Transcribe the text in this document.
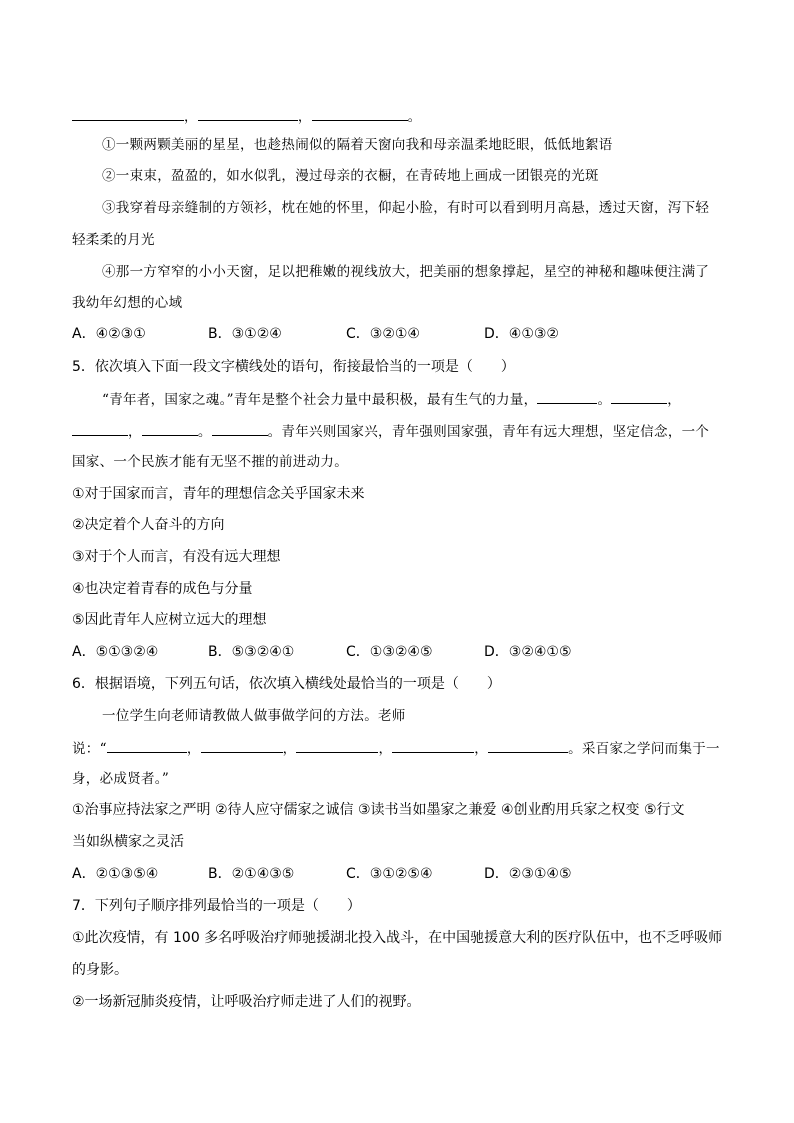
，	，	。
①一颗两颗美丽的星星，也趁热闹似的隔着天窗向我和母亲温柔地眨眼，低低地絮语
②一束束，盈盈的，如水似乳，漫过母亲的衣橱，在青砖地上画成一团银亮的光斑
③我穿着母亲缝制的方领衫，枕在她的怀里，仰起小脸，有时可以看到明月高悬，透过天窗，泻下轻
轻柔柔的月光
④那一方窄窄的小小天窗，足以把稚嫩的视线放大，把美丽的想象撑起，星空的神秘和趣味便注满了
我幼年幻想的心域
A．④②③①	B．③①②④	C．③②①④	D．④①③②
5．依次填入下面一段文字横线处的语句，衔接最恰当的一项是（　　）
“青年者，国家之魂。”青年是整个社会力量中最积极，最有生气的力量，	。	，
，	。	。青年兴则国家兴，青年强则国家强，青年有远大理想，坚定信念，一个
国家、一个民族才能有无坚不摧的前进动力。
①对于国家而言，青年的理想信念关乎国家未来
②决定着个人奋斗的方向
③对于个人而言，有没有远大理想
④也决定着青春的成色与分量
⑤因此青年人应树立远大的理想
A．⑤①③②④	B．⑤③②④①	C．①③②④⑤	D．③②④①⑤
6．根据语境，下列五句话，依次填入横线处最恰当的一项是（　　）
一位学生向老师请教做人做事做学问的方法。老师
说：“	，	，	，	，	。采百家之学问而集于一
身，必成贤者。”
①治事应持法家之严明 ②待人应守儒家之诚信 ③读书当如墨家之兼爱 ④创业酌用兵家之权变 ⑤行文
当如纵横家之灵活
A．②①③⑤④	B．②①④③⑤	C．③①②⑤④	D．②③①④⑤
7．下列句子顺序排列最恰当的一项是（　　）
①此次疫情，有 100 多名呼吸治疗师驰援湖北投入战斗，在中国驰援意大利的医疗队伍中，也不乏呼吸师
的身影。
②一场新冠肺炎疫情，让呼吸治疗师走进了人们的视野。
